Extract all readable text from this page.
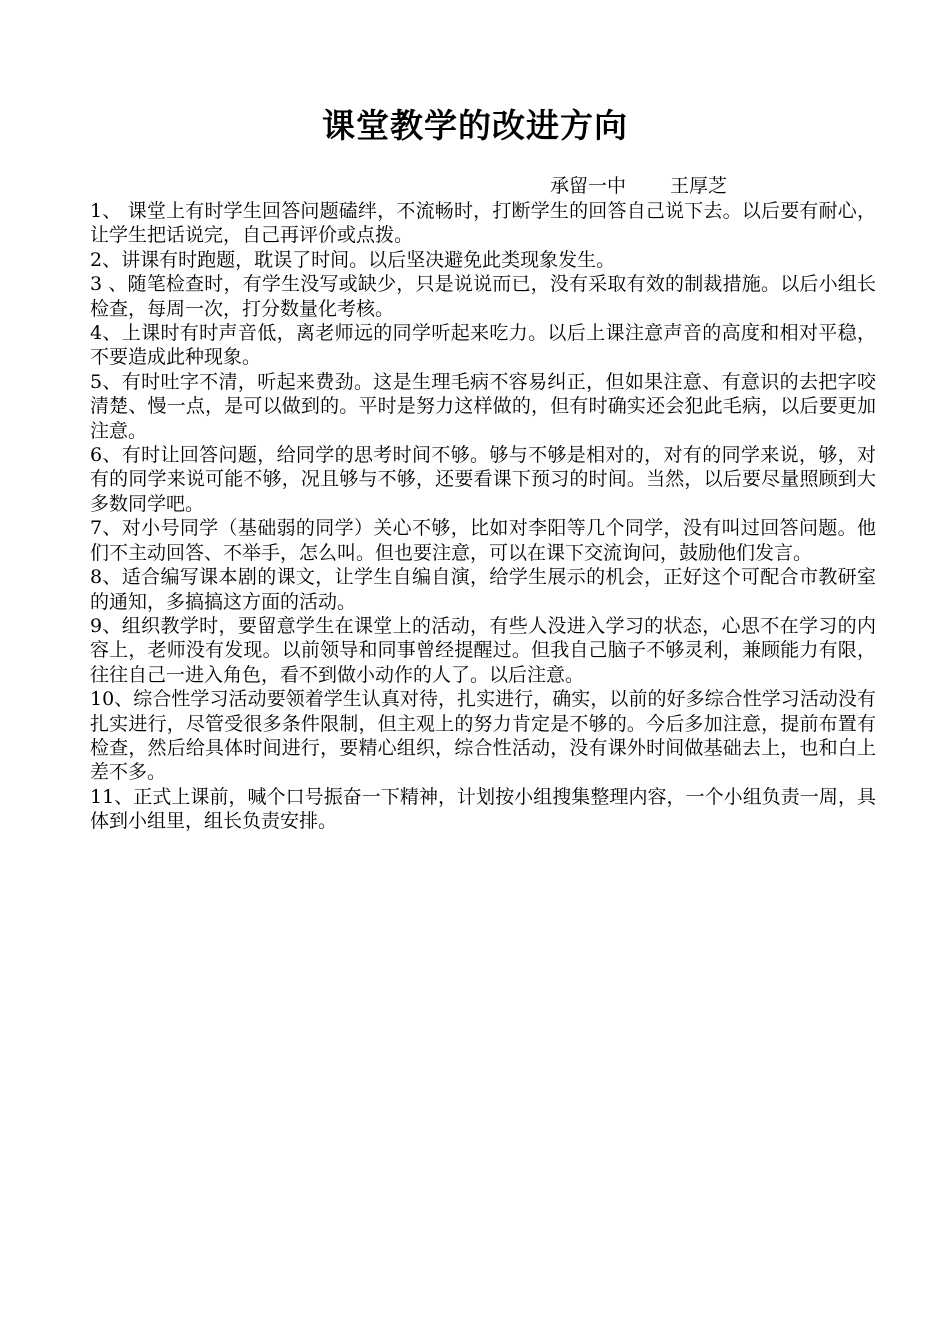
课堂教学的改进方向
承留一中 王厚芝

1、 课堂上有时学生回答问题磕绊，不流畅时，打断学生的回答自己说下去。以后要有耐心，让学生把话说完，自己再评价或点拨。

2、讲课有时跑题，耽误了时间。以后坚决避免此类现象发生。

3 、随笔检查时，有学生没写或缺少，只是说说而已，没有采取有效的制裁措施。以后小组长检查，每周一次，打分数量化考核。

4、上课时有时声音低，离老师远的同学听起来吃力。以后上课注意声音的高度和相对平稳，不要造成此种现象。

5、有时吐字不清，听起来费劲。这是生理毛病不容易纠正，但如果注意、有意识的去把字咬清楚、慢一点，是可以做到的。平时是努力这样做的，但有时确实还会犯此毛病，以后要更加注意。

6、有时让回答问题，给同学的思考时间不够。够与不够是相对的，对有的同学来说，够，对有的同学来说可能不够，况且够与不够，还要看课下预习的时间。当然，以后要尽量照顾到大多数同学吧。

7、对小号同学（基础弱的同学）关心不够，比如对李阳等几个同学，没有叫过回答问题。他们不主动回答、不举手，怎么叫。但也要注意，可以在课下交流询问，鼓励他们发言。

8、适合编写课本剧的课文，让学生自编自演，给学生展示的机会，正好这个可配合市教研室的通知，多搞搞这方面的活动。

9、组织教学时，要留意学生在课堂上的活动，有些人没进入学习的状态，心思不在学习的内容上，老师没有发现。以前领导和同事曾经提醒过。但我自己脑子不够灵利，兼顾能力有限，往往自己一进入角色，看不到做小动作的人了。以后注意。

10、综合性学习活动要领着学生认真对待，扎实进行，确实，以前的好多综合性学习活动没有扎实进行，尽管受很多条件限制，但主观上的努力肯定是不够的。今后多加注意，提前布置有检查，然后给具体时间进行，要精心组织，综合性活动，没有课外时间做基础去上，也和白上差不多。

11、正式上课前，喊个口号振奋一下精神，计划按小组搜集整理内容，一个小组负责一周，具体到小组里，组长负责安排。
